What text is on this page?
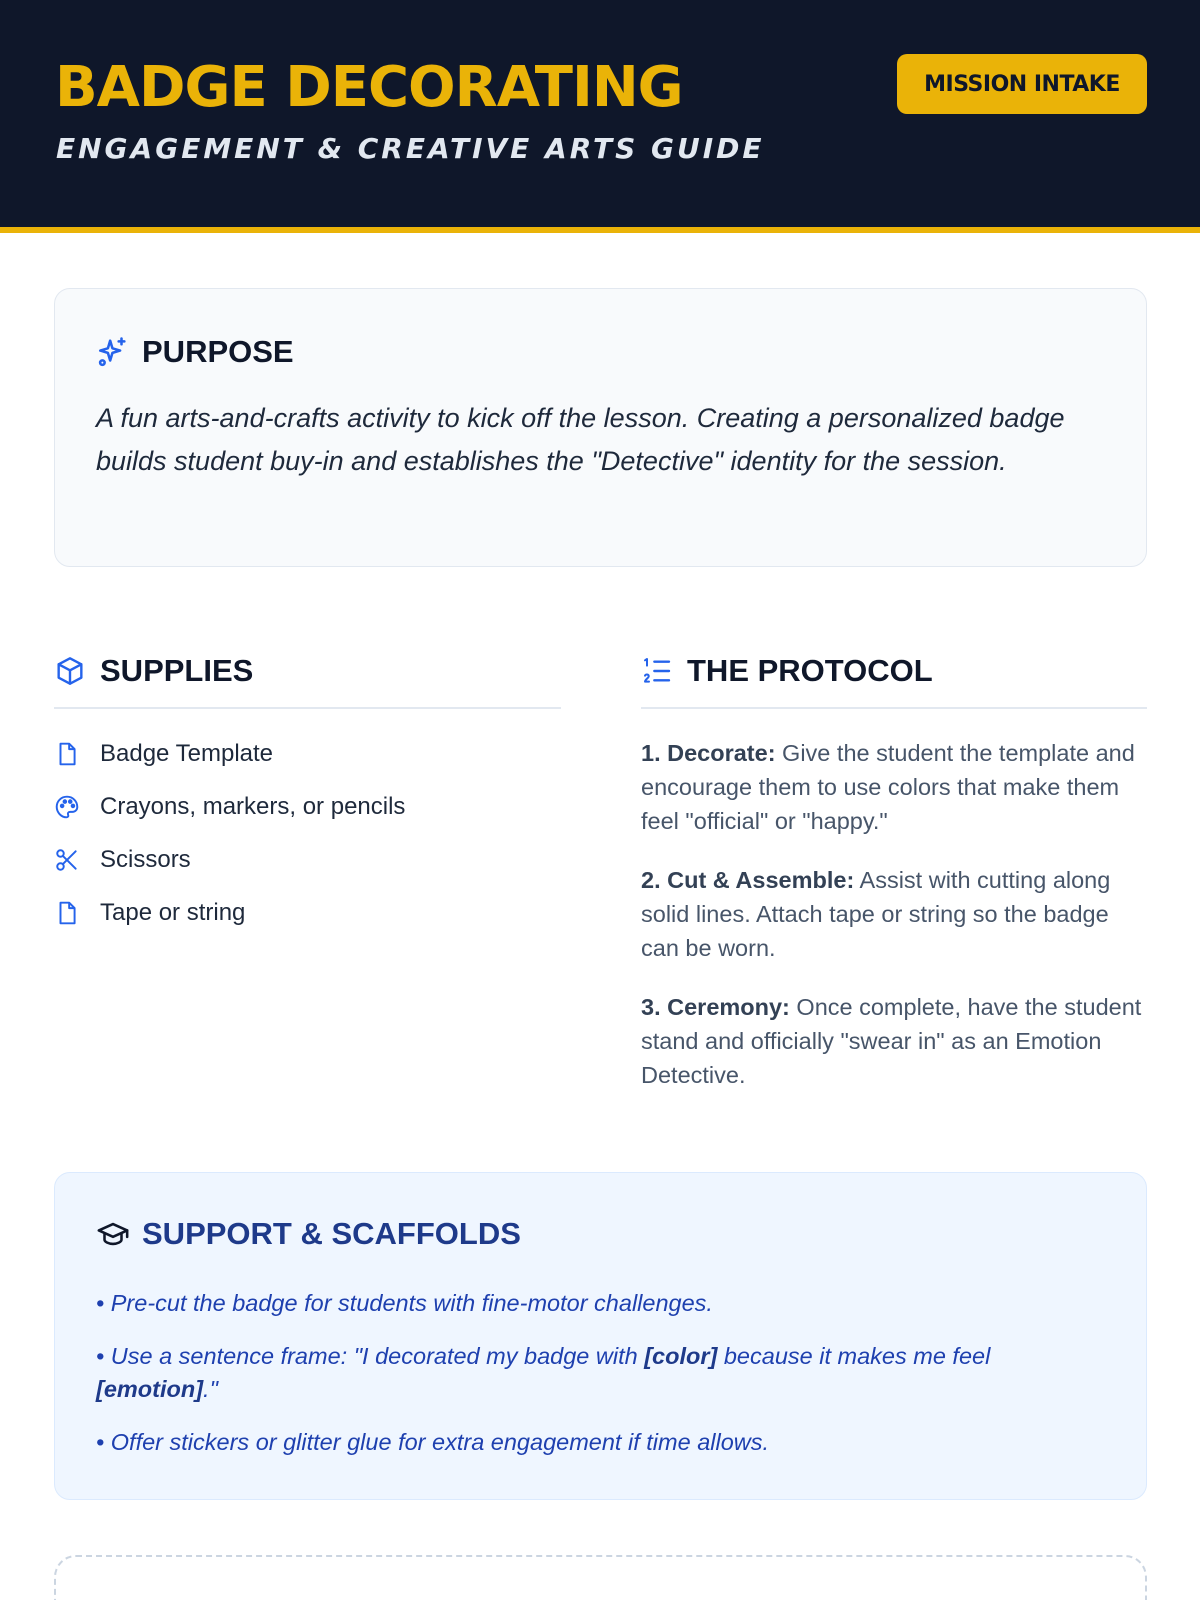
BADGE DECORATING
ENGAGEMENT & CREATIVE ARTS GUIDE
MISSION INTAKE
PURPOSE
A fun arts-and-crafts activity to kick off the lesson. Creating a personalized badge builds student buy-in and establishes the "Detective" identity for the session.
SUPPLIES
Badge Template
Crayons, markers, or pencils
Scissors
Tape or string
THE PROTOCOL
1. Decorate: Give the student the template and encourage them to use colors that make them feel "official" or "happy."
2. Cut & Assemble: Assist with cutting along solid lines. Attach tape or string so the badge can be worn.
3. Ceremony: Once complete, have the student stand and officially "swear in" as an Emotion Detective.
SUPPORT & SCAFFOLDS
• Pre-cut the badge for students with fine-motor challenges.
• Use a sentence frame: "I decorated my badge with [color] because it makes me feel [emotion]."
• Offer stickers or glitter glue for extra engagement if time allows.
